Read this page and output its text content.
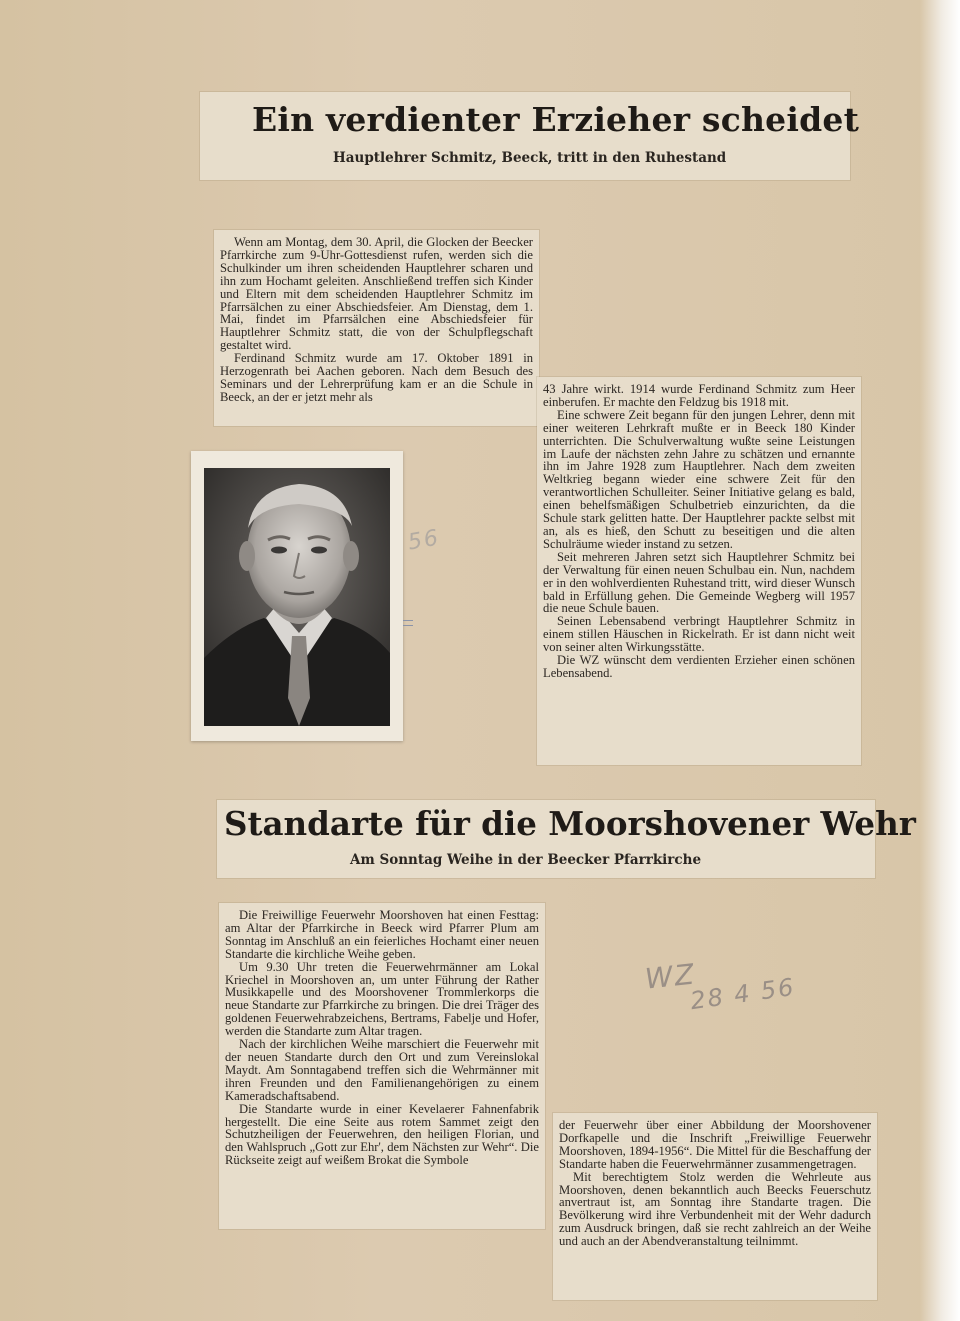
Ein verdienter Erzieher scheidet
Hauptlehrer Schmitz, Beeck, tritt in den Ruhestand

Wenn am Montag, dem 30. April, die Glocken der Beecker Pfarrkirche zum 9-Uhr-Gottesdienst rufen, werden sich die Schulkinder um ihren scheidenden Hauptlehrer scharen und ihn zum Hochamt geleiten. Anschließend treffen sich Kinder und Eltern mit dem scheidenden Hauptlehrer Schmitz im Pfarrsälchen zu einer Abschiedsfeier. Am Dienstag, dem 1. Mai, findet im Pfarrsälchen eine Abschiedsfeier für Hauptlehrer Schmitz statt, die von der Schulpflegschaft gestaltet wird.

Ferdinand Schmitz wurde am 17. Oktober 1891 in Herzogenrath bei Aachen geboren. Nach dem Besuch des Seminars und der Lehrerprüfung kam er an die Schule in Beeck, an der er jetzt mehr als

56

43 Jahre wirkt. 1914 wurde Ferdinand Schmitz zum Heer einberufen. Er machte den Feldzug bis 1918 mit.

Eine schwere Zeit begann für den jungen Lehrer, denn mit einer weiteren Lehrkraft mußte er in Beeck 180 Kinder unterrichten. Die Schulverwaltung wußte seine Leistungen im Laufe der nächsten zehn Jahre zu schätzen und ernannte ihn im Jahre 1928 zum Hauptlehrer. Nach dem zweiten Weltkrieg begann wieder eine schwere Zeit für den verantwortlichen Schulleiter. Seiner Initiative gelang es bald, einen behelfsmäßigen Schulbetrieb einzurichten, da die Schule stark gelitten hatte. Der Hauptlehrer packte selbst mit an, als es hieß, den Schutt zu beseitigen und die alten Schulräume wieder instand zu setzen.

Seit mehreren Jahren setzt sich Hauptlehrer Schmitz bei der Verwaltung für einen neuen Schulbau ein. Nun, nachdem er in den wohlverdienten Ruhestand tritt, wird dieser Wunsch bald in Erfüllung gehen. Die Gemeinde Wegberg will 1957 die neue Schule bauen.

Seinen Lebensabend verbringt Hauptlehrer Schmitz in einem stillen Häuschen in Rickelrath. Er ist dann nicht weit von seiner alten Wirkungsstätte.

Die WZ wünscht dem verdienten Erzieher einen schönen Lebensabend.

Standarte für die Moorshovener Wehr
Am Sonntag Weihe in der Beecker Pfarrkirche

Die Freiwillige Feuerwehr Moorshoven hat einen Festtag: am Altar der Pfarrkirche in Beeck wird Pfarrer Plum am Sonntag im Anschluß an ein feierliches Hochamt einer neuen Standarte die kirchliche Weihe geben.

Um 9.30 Uhr treten die Feuerwehrmänner am Lokal Kriechel in Moorshoven an, um unter Führung der Rather Musikkapelle und des Moorshovener Trommlerkorps die neue Standarte zur Pfarrkirche zu bringen. Die drei Träger des goldenen Feuerwehrabzeichens, Bertrams, Fabelje und Hofer, werden die Standarte zum Altar tragen.

Nach der kirchlichen Weihe marschiert die Feuerwehr mit der neuen Standarte durch den Ort und zum Vereinslokal Maydt. Am Sonntagabend treffen sich die Wehrmänner mit ihren Freunden und den Familienangehörigen zu einem Kameradschaftsabend.

Die Standarte wurde in einer Kevelaerer Fahnenfabrik hergestellt. Die eine Seite aus rotem Sammet zeigt den Schutzheiligen der Feuerwehren, den heiligen Florian, und den Wahlspruch „Gott zur Ehr', dem Nächsten zur Wehr“. Die Rückseite zeigt auf weißem Brokat die Symbole

WZ
28 4 56

der Feuerwehr über einer Abbildung der Moorshovener Dorfkapelle und die Inschrift „Freiwillige Feuerwehr Moorshoven, 1894-1956“. Die Mittel für die Beschaffung der Standarte haben die Feuerwehrmänner zusammengetragen.

Mit berechtigtem Stolz werden die Wehrleute aus Moorshoven, denen bekanntlich auch Beecks Feuerschutz anvertraut ist, am Sonntag ihre Standarte tragen. Die Bevölkerung wird ihre Verbundenheit mit der Wehr dadurch zum Ausdruck bringen, daß sie recht zahlreich an der Weihe und auch an der Abendveranstaltung teilnimmt.
